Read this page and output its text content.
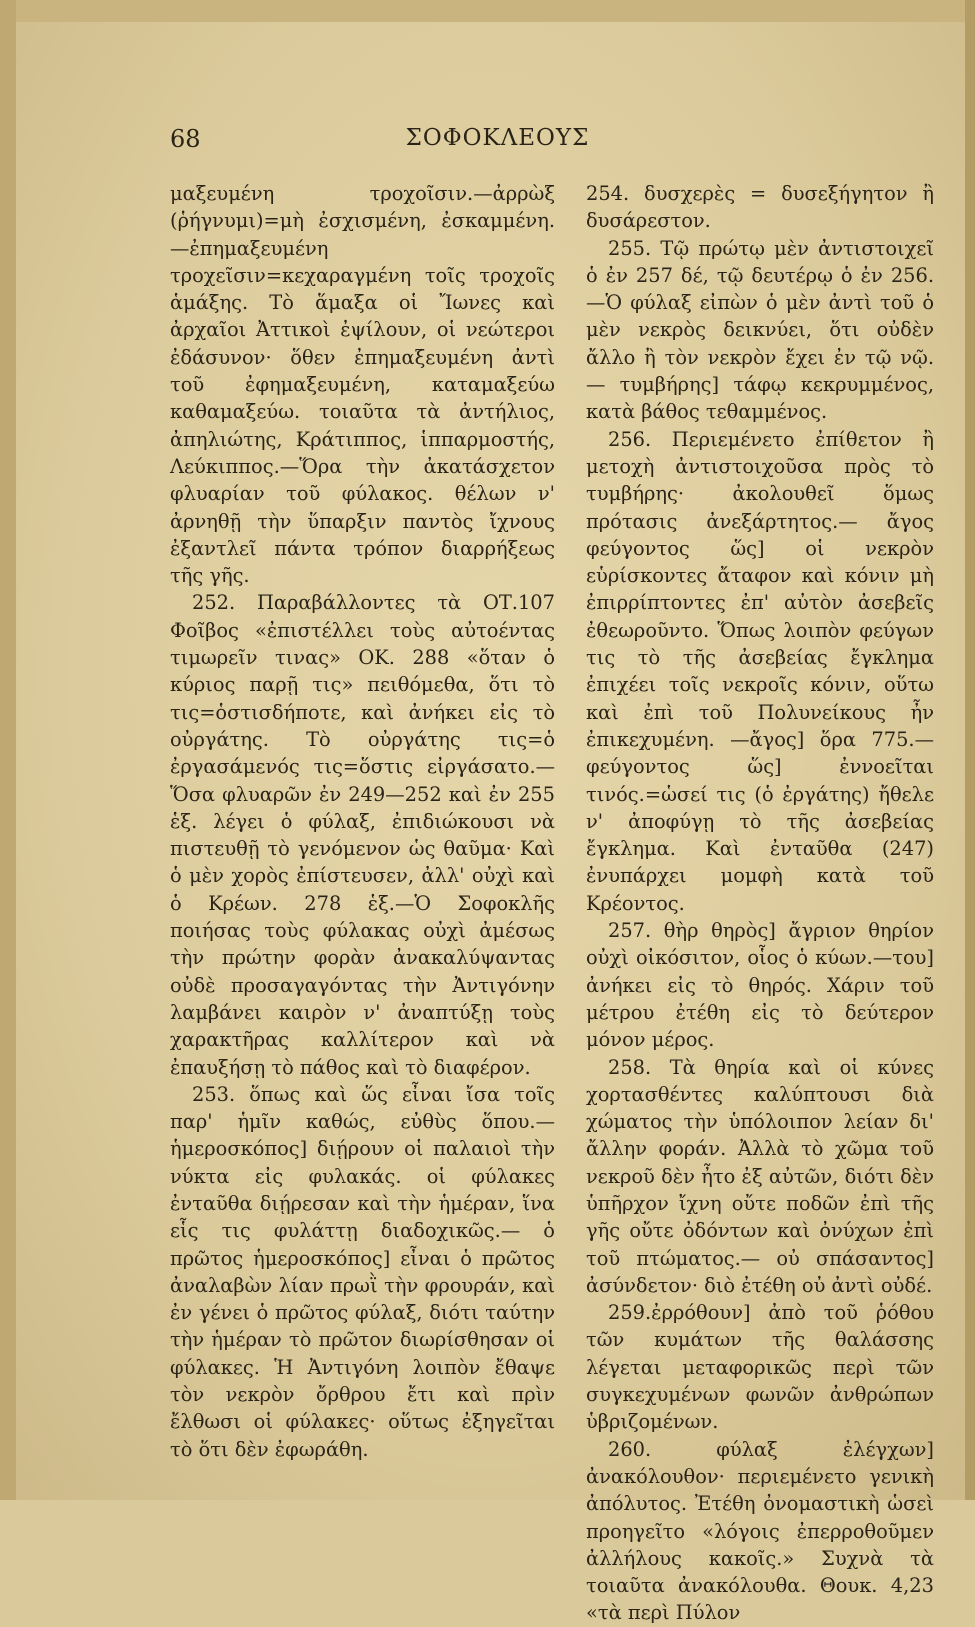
ΣΟΦΟΚΛΕΟΥΣ
68

μαξευμένη τροχοῖσιν.—ἀρρὼξ (ῥήγνυμι)=μὴ ἐσχισμένη, ἐσκαμμένη. —ἐπημαξευμένη τροχεῖσιν=κεχαραγμένη τοῖς τροχοῖς ἁμάξης. Τὸ ἅμαξα οἱ Ἴωνες καὶ ἀρχαῖοι Ἀττικοὶ ἐψίλουν, οἱ νεώτεροι ἐδάσυνον· ὅθεν ἐπημαξευμένη ἀντὶ τοῦ ἐφημαξευμένη, καταμαξεύω καθαμαξεύω. τοιαῦτα τὰ ἀντήλιος, ἀπηλιώτης, Κράτιππος, ἱππαρμοστής, Λεύκιππος.—Ὅρα τὴν ἀκατάσχετον φλυαρίαν τοῦ φύλακος. θέλων ν' ἀρνηθῇ τὴν ὕπαρξιν παντὸς ἴχνους ἐξαντλεῖ πάντα τρόπον διαρρήξεως τῆς γῆς.

252. Παραβάλλοντες τὰ ΟΤ.107 Φοῖβος «ἐπιστέλλει τοὺς αὐτοέντας τιμωρεῖν τινας» ΟΚ. 288 «ὅταν ὁ κύριος παρῇ τις» πειθόμεθα, ὅτι τὸ τις=ὁστισδήποτε, καὶ ἀνήκει εἰς τὸ οὐργάτης. Τὸ οὐργάτης τις=ὁ ἐργασάμενός τις=ὅστις εἰργάσατο.— Ὅσα φλυαρῶν ἐν 249—252 καὶ ἐν 255 ἑξ. λέγει ὁ φύλαξ, ἐπιδιώκουσι νὰ πιστευθῇ τὸ γενόμενον ὡς θαῦμα· Καὶ ὁ μὲν χορὸς ἐπίστευσεν, ἀλλ' οὐχὶ καὶ ὁ Κρέων. 278 ἑξ.—Ὁ Σοφοκλῆς ποιήσας τοὺς φύλακας οὐχὶ ἀμέσως τὴν πρώτην φορὰν ἀνακαλύψαντας οὐδὲ προσαγαγόντας τὴν Ἀντιγόνην λαμβάνει καιρὸν ν' ἀναπτύξῃ τοὺς χαρακτῆρας καλλίτερον καὶ νὰ ἐπαυξήσῃ τὸ πάθος καὶ τὸ διαφέρον.

253. ὅπως καὶ ὥς εἶναι ἴσα τοῖς παρ' ἡμῖν καθώς, εὐθὺς ὅπου.—ἡμεροσκόπος] διῄρουν οἱ παλαιοὶ τὴν νύκτα εἰς φυλακάς. οἱ φύλακες ἐνταῦθα διῄρεσαν καὶ τὴν ἡμέραν, ἵνα εἷς τις φυλάττῃ διαδοχικῶς.— ὁ πρῶτος ἡμεροσκόπος] εἶναι ὁ πρῶτος ἀναλαβὼν λίαν πρωῒ τὴν φρουράν, καὶ ἐν γένει ὁ πρῶτος φύλαξ, διότι ταύτην τὴν ἡμέραν τὸ πρῶτον διωρίσθησαν οἱ φύλακες. Ἡ Ἀντιγόνη λοιπὸν ἔθαψε τὸν νεκρὸν ὄρθρου ἔτι καὶ πρὶν ἔλθωσι οἱ φύλακες· οὕτως ἐξηγεῖται τὸ ὅτι δὲν ἐφωράθη.

254. δυσχερὲς = δυσεξήγητον ἢ δυσάρεστον.

255. Τῷ πρώτῳ μὲν ἀντιστοιχεῖ ὁ ἐν 257 δέ, τῷ δευτέρῳ ὁ ἐν 256. —Ὁ φύλαξ εἰπὼν ὁ μὲν ἀντὶ τοῦ ὁ μὲν νεκρὸς δεικνύει, ὅτι οὐδὲν ἄλλο ἢ τὸν νεκρὸν ἔχει ἐν τῷ νῷ.— τυμβήρης] τάφῳ κεκρυμμένος, κατὰ βάθος τεθαμμένος.

256. Περιεμένετο ἐπίθετον ἢ μετοχὴ ἀντιστοιχοῦσα πρὸς τὸ τυμβήρης· ἀκολουθεῖ ὅμως πρότασις ἀνεξάρτητος.— ἄγος φεύγοντος ὥς] οἱ νεκρὸν εὑρίσκοντες ἄταφον καὶ κόνιν μὴ ἐπιρρίπτοντες ἐπ' αὐτὸν ἀσεβεῖς ἐθεωροῦντο. Ὅπως λοιπὸν φεύγων τις τὸ τῆς ἀσεβείας ἔγκλημα ἐπιχέει τοῖς νεκροῖς κόνιν, οὕτω καὶ ἐπὶ τοῦ Πολυνείκους ἦν ἐπικεχυμένη. —ἄγος] ὅρα 775.—φεύγοντος ὥς] ἐννοεῖται τινός.=ὡσεί τις (ὁ ἐργάτης) ἤθελε ν' ἀποφύγῃ τὸ τῆς ἀσεβείας ἔγκλημα. Καὶ ἐνταῦθα (247) ἐνυπάρχει μομφὴ κατὰ τοῦ Κρέοντος.

257. θὴρ θηρὸς] ἄγριον θηρίον οὐχὶ οἰκόσιτον, οἷος ὁ κύων.—του] ἀνήκει εἰς τὸ θηρός. Χάριν τοῦ μέτρου ἐτέθη εἰς τὸ δεύτερον μόνον μέρος.

258. Τὰ θηρία καὶ οἱ κύνες χορτασθέντες καλύπτουσι διὰ χώματος τὴν ὑπόλοιπον λείαν δι' ἄλλην φοράν. Ἀλλὰ τὸ χῶμα τοῦ νεκροῦ δὲν ἦτο ἐξ αὐτῶν, διότι δὲν ὑπῆρχον ἴχνη οὔτε ποδῶν ἐπὶ τῆς γῆς οὔτε ὀδόντων καὶ ὀνύχων ἐπὶ τοῦ πτώματος.— οὐ σπάσαντος] ἀσύνδετον· διὸ ἐτέθη οὐ ἀντὶ οὐδέ.

259.ἐρρόθουν] ἀπὸ τοῦ ῥόθου τῶν κυμάτων τῆς θαλάσσης λέγεται μεταφορικῶς περὶ τῶν συγκεχυμένων φωνῶν ἀνθρώπων ὑβριζομένων.

260. φύλαξ ἐλέγχων] ἀνακόλουθον· περιεμένετο γενικὴ ἀπόλυτος. Ἐτέθη ὀνομαστικὴ ὡσεὶ προηγεῖτο «λόγοις ἐπερροθοῦμεν ἀλλήλους κακοῖς.» Συχνὰ τὰ τοιαῦτα ἀνακόλουθα. Θουκ. 4,23 «τὰ περὶ Πύλον
